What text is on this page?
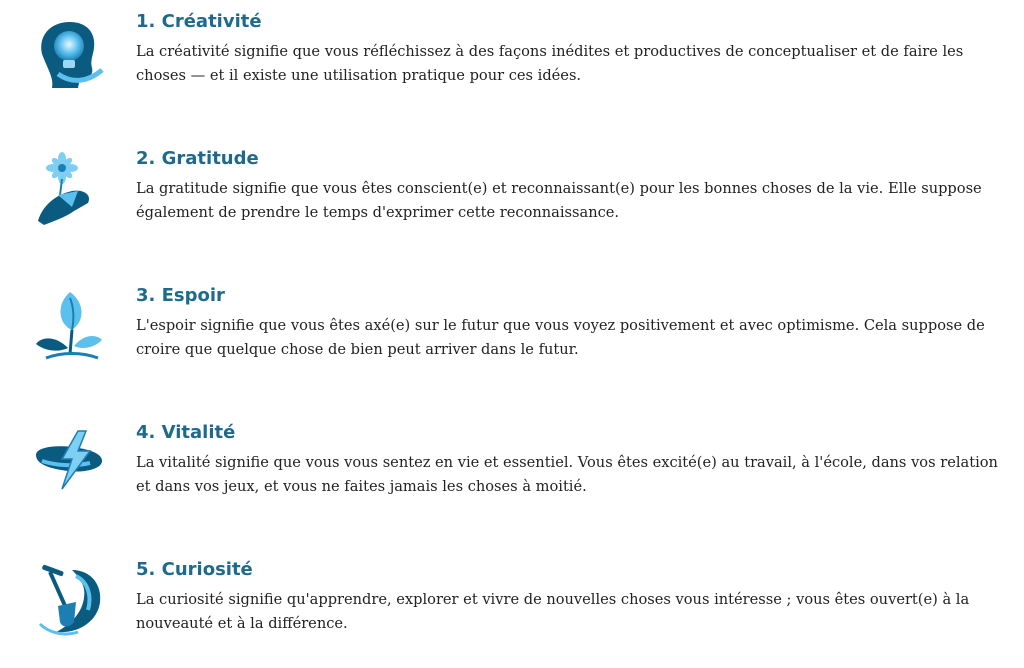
1. Créativité
La créativité signifie que vous réfléchissez à des façons inédites et productives de conceptualiser et de faire les choses — et il existe une utilisation pratique pour ces idées.
2. Gratitude
La gratitude signifie que vous êtes conscient(e) et reconnaissant(e) pour les bonnes choses de la vie. Elle suppose également de prendre le temps d'exprimer cette reconnaissance.
3. Espoir
L'espoir signifie que vous êtes axé(e) sur le futur que vous voyez positivement et avec optimisme. Cela suppose de croire que quelque chose de bien peut arriver dans le futur.
4. Vitalité
La vitalité signifie que vous vous sentez en vie et essentiel. Vous êtes excité(e) au travail, à l'école, dans vos relation et dans vos jeux, et vous ne faites jamais les choses à moitié.
5. Curiosité
La curiosité signifie qu'apprendre, explorer et vivre de nouvelles choses vous intéresse ; vous êtes ouvert(e) à la nouveauté et à la différence.
